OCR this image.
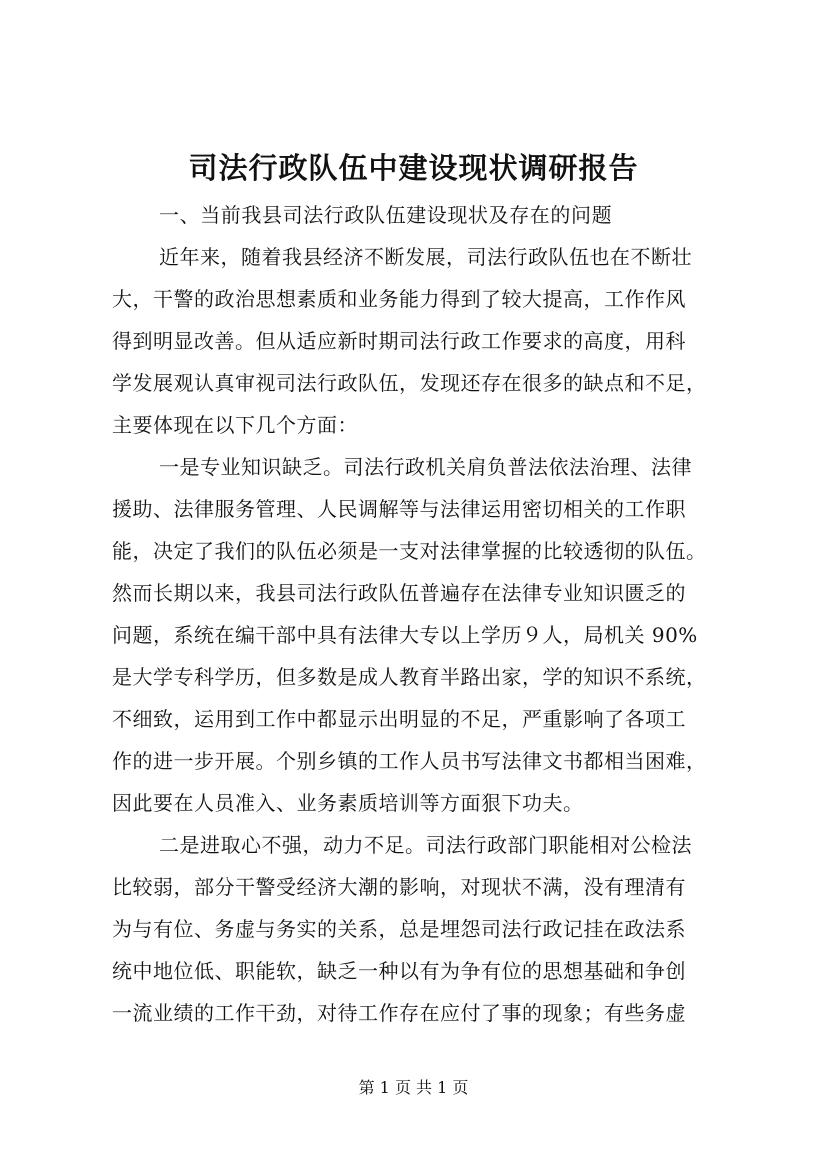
司法行政队伍中建设现状调研报告
一、当前我县司法行政队伍建设现状及存在的问题
近年来，随着我县经济不断发展，司法行政队伍也在不断壮
大，干警的政治思想素质和业务能力得到了较大提高，工作作风
得到明显改善。但从适应新时期司法行政工作要求的高度，用科
学发展观认真审视司法行政队伍，发现还存在很多的缺点和不足，
主要体现在以下几个方面：
一是专业知识缺乏。司法行政机关肩负普法依法治理、法律
援助、法律服务管理、人民调解等与法律运用密切相关的工作职
能，决定了我们的队伍必须是一支对法律掌握的比较透彻的队伍。
然而长期以来，我县司法行政队伍普遍存在法律专业知识匮乏的
问题，系统在编干部中具有法律大专以上学历９人，局机关 90%
是大学专科学历，但多数是成人教育半路出家，学的知识不系统，
不细致，运用到工作中都显示出明显的不足，严重影响了各项工
作的进一步开展。个别乡镇的工作人员书写法律文书都相当困难，
因此要在人员准入、业务素质培训等方面狠下功夫。
二是进取心不强，动力不足。司法行政部门职能相对公检法
比较弱，部分干警受经济大潮的影响，对现状不满，没有理清有
为与有位、务虚与务实的关系，总是埋怨司法行政记挂在政法系
统中地位低、职能软，缺乏一种以有为争有位的思想基础和争创
一流业绩的工作干劲，对待工作存在应付了事的现象；有些务虚
第 1 页 共 1 页
